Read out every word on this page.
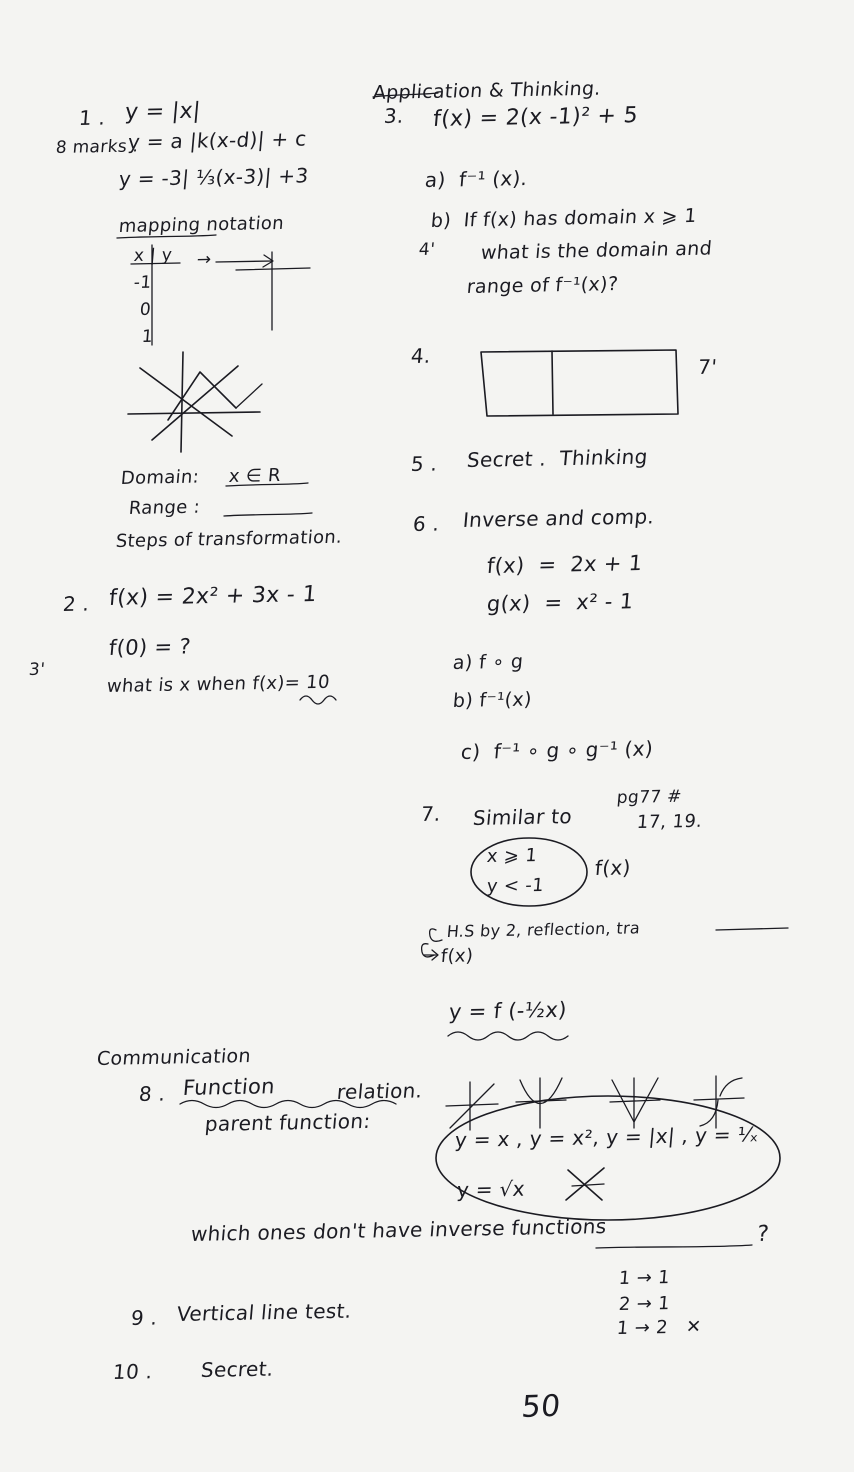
1 . y = |x|
8 marks .
y = a |k(x-d)| + c
y = -3| ⅓(x-3)| +3
mapping notation
x | y →
-1
0
1
Domain: x ∈ R
Range :
Steps of transformation.
2 . f(x) = 2x² + 3x - 1
3'
f(0) = ?
what is x when f(x)= 10
Application & Thinking.
3. f(x) = 2(x -1)² + 5
a)  f⁻¹ (x).
b)  If f(x) has domain x ⩾ 1
4' what is the domain and
range of f⁻¹(x)?
4.	7'
5 . Secret .  Thinking
6 . Inverse and comp.
f(x)  =  2x + 1
g(x)  =  x² - 1
a) f ∘ g
b) f⁻¹(x)
c)  f⁻¹ ∘ g ∘ g⁻¹ (x)
7. Similar to
pg77 #
17, 19.
x ⩾ 1
y < -1
f(x)
H.S by 2, reflection, tra
f(x)
y = f (-½x)
Communication
8 . Function	relation.
parent function:	y = x , y = x², y = |x| , y = ¹⁄ₓ
y = √x
which ones don't have inverse functions	?
1 → 1
2 → 1
1 → 2   ✕
9 . Vertical line test.
10 . Secret.
50
